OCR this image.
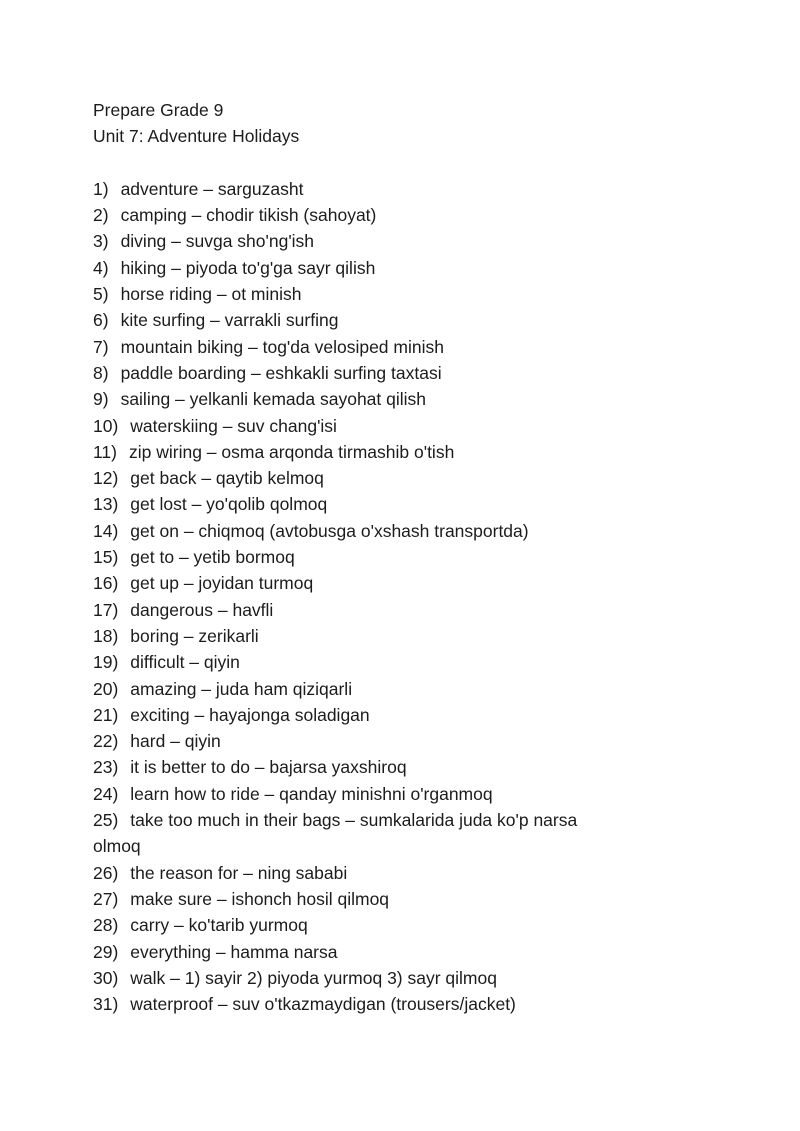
Prepare Grade 9
Unit 7: Adventure Holidays
1) adventure – sarguzasht
2) camping – chodir tikish (sahoyat)
3) diving – suvga sho'ng'ish
4) hiking – piyoda to'g'ga sayr qilish
5) horse riding – ot minish
6) kite surfing – varrakli surfing
7) mountain biking – tog'da velosiped minish
8) paddle boarding – eshkakli surfing taxtasi
9) sailing – yelkanli kemada sayohat qilish
10) waterskiing – suv chang'isi
11) zip wiring – osma arqonda tirmashib o'tish
12) get back – qaytib kelmoq
13) get lost – yo'qolib qolmoq
14) get on – chiqmoq (avtobusga o'xshash transportda)
15) get to – yetib bormoq
16) get up – joyidan turmoq
17) dangerous – havfli
18) boring – zerikarli
19) difficult – qiyin
20) amazing – juda ham qiziqarli
21) exciting – hayajonga soladigan
22) hard – qiyin
23) it is better to do – bajarsa yaxshiroq
24) learn how to ride – qanday minishni o'rganmoq
25) take too much in their bags – sumkalarida juda ko'p narsa
olmoq
26) the reason for – ning sababi
27) make sure – ishonch hosil qilmoq
28) carry – ko'tarib yurmoq
29) everything – hamma narsa
30) walk – 1) sayir 2) piyoda yurmoq 3) sayr qilmoq
31) waterproof – suv o'tkazmaydigan (trousers/jacket)
